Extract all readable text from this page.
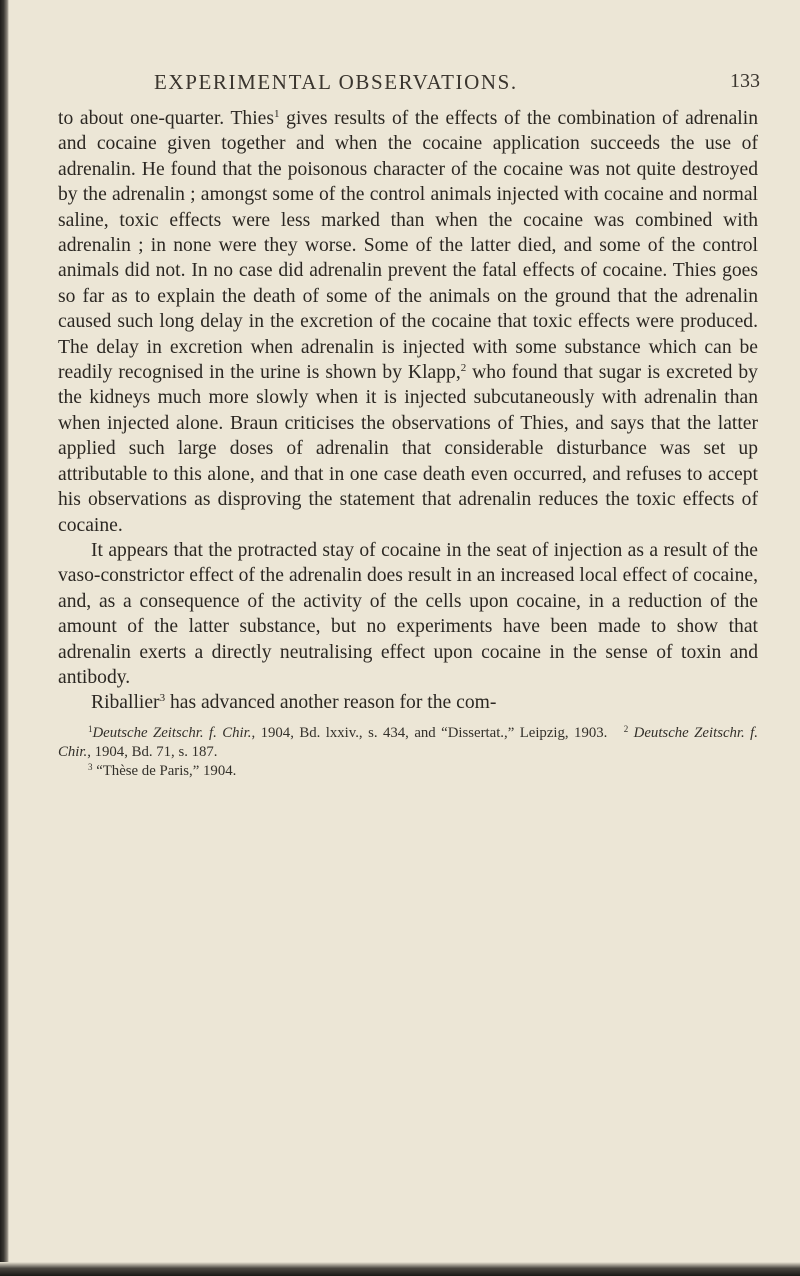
EXPERIMENTAL OBSERVATIONS.	133

to about one-quarter. Thies$^1$ gives results of the effects of the combination of adrenalin and cocaine given together and when the cocaine application succeeds the use of adrenalin. He found that the poisonous character of the cocaine was not quite destroyed by the adrenalin ; amongst some of the control animals injected with cocaine and normal saline, toxic effects were less marked than when the cocaine was combined with adrenalin ; in none were they worse. Some of the latter died, and some of the control animals did not. In no case did adrenalin prevent the fatal effects of cocaine. Thies goes so far as to explain the death of some of the animals on the ground that the adrenalin caused such long delay in the excretion of the cocaine that toxic effects were produced. The delay in excretion when adrenalin is injected with some substance which can be readily recognised in the urine is shown by Klapp,$^2$ who found that sugar is excreted by the kidneys much more slowly when it is injected subcutaneously with adrenalin than when injected alone. Braun criticises the observations of Thies, and says that the latter applied such large doses of adrenalin that considerable disturbance was set up attributable to this alone, and that in one case death even occurred, and refuses to accept his observations as disproving the statement that adrenalin reduces the toxic effects of cocaine.

It appears that the protracted stay of cocaine in the seat of injection as a result of the vaso-constrictor effect of the adrenalin does result in an increased local effect of cocaine, and, as a consequence of the activity of the cells upon cocaine, in a reduction of the amount of the latter substance, but no experiments have been made to show that adrenalin exerts a directly neutralising effect upon cocaine in the sense of toxin and antibody.

Riballier$^3$ has advanced another reason for the com-

$^1$Deutsche Zeitschr. f. Chir., 1904, Bd. lxxiv., s. 434, and “Dissertat.,” Leipzig, 1903. $^2$ Deutsche Zeitschr. f. Chir., 1904, Bd. 71, s. 187.

$^3$ “Thèse de Paris,” 1904.
